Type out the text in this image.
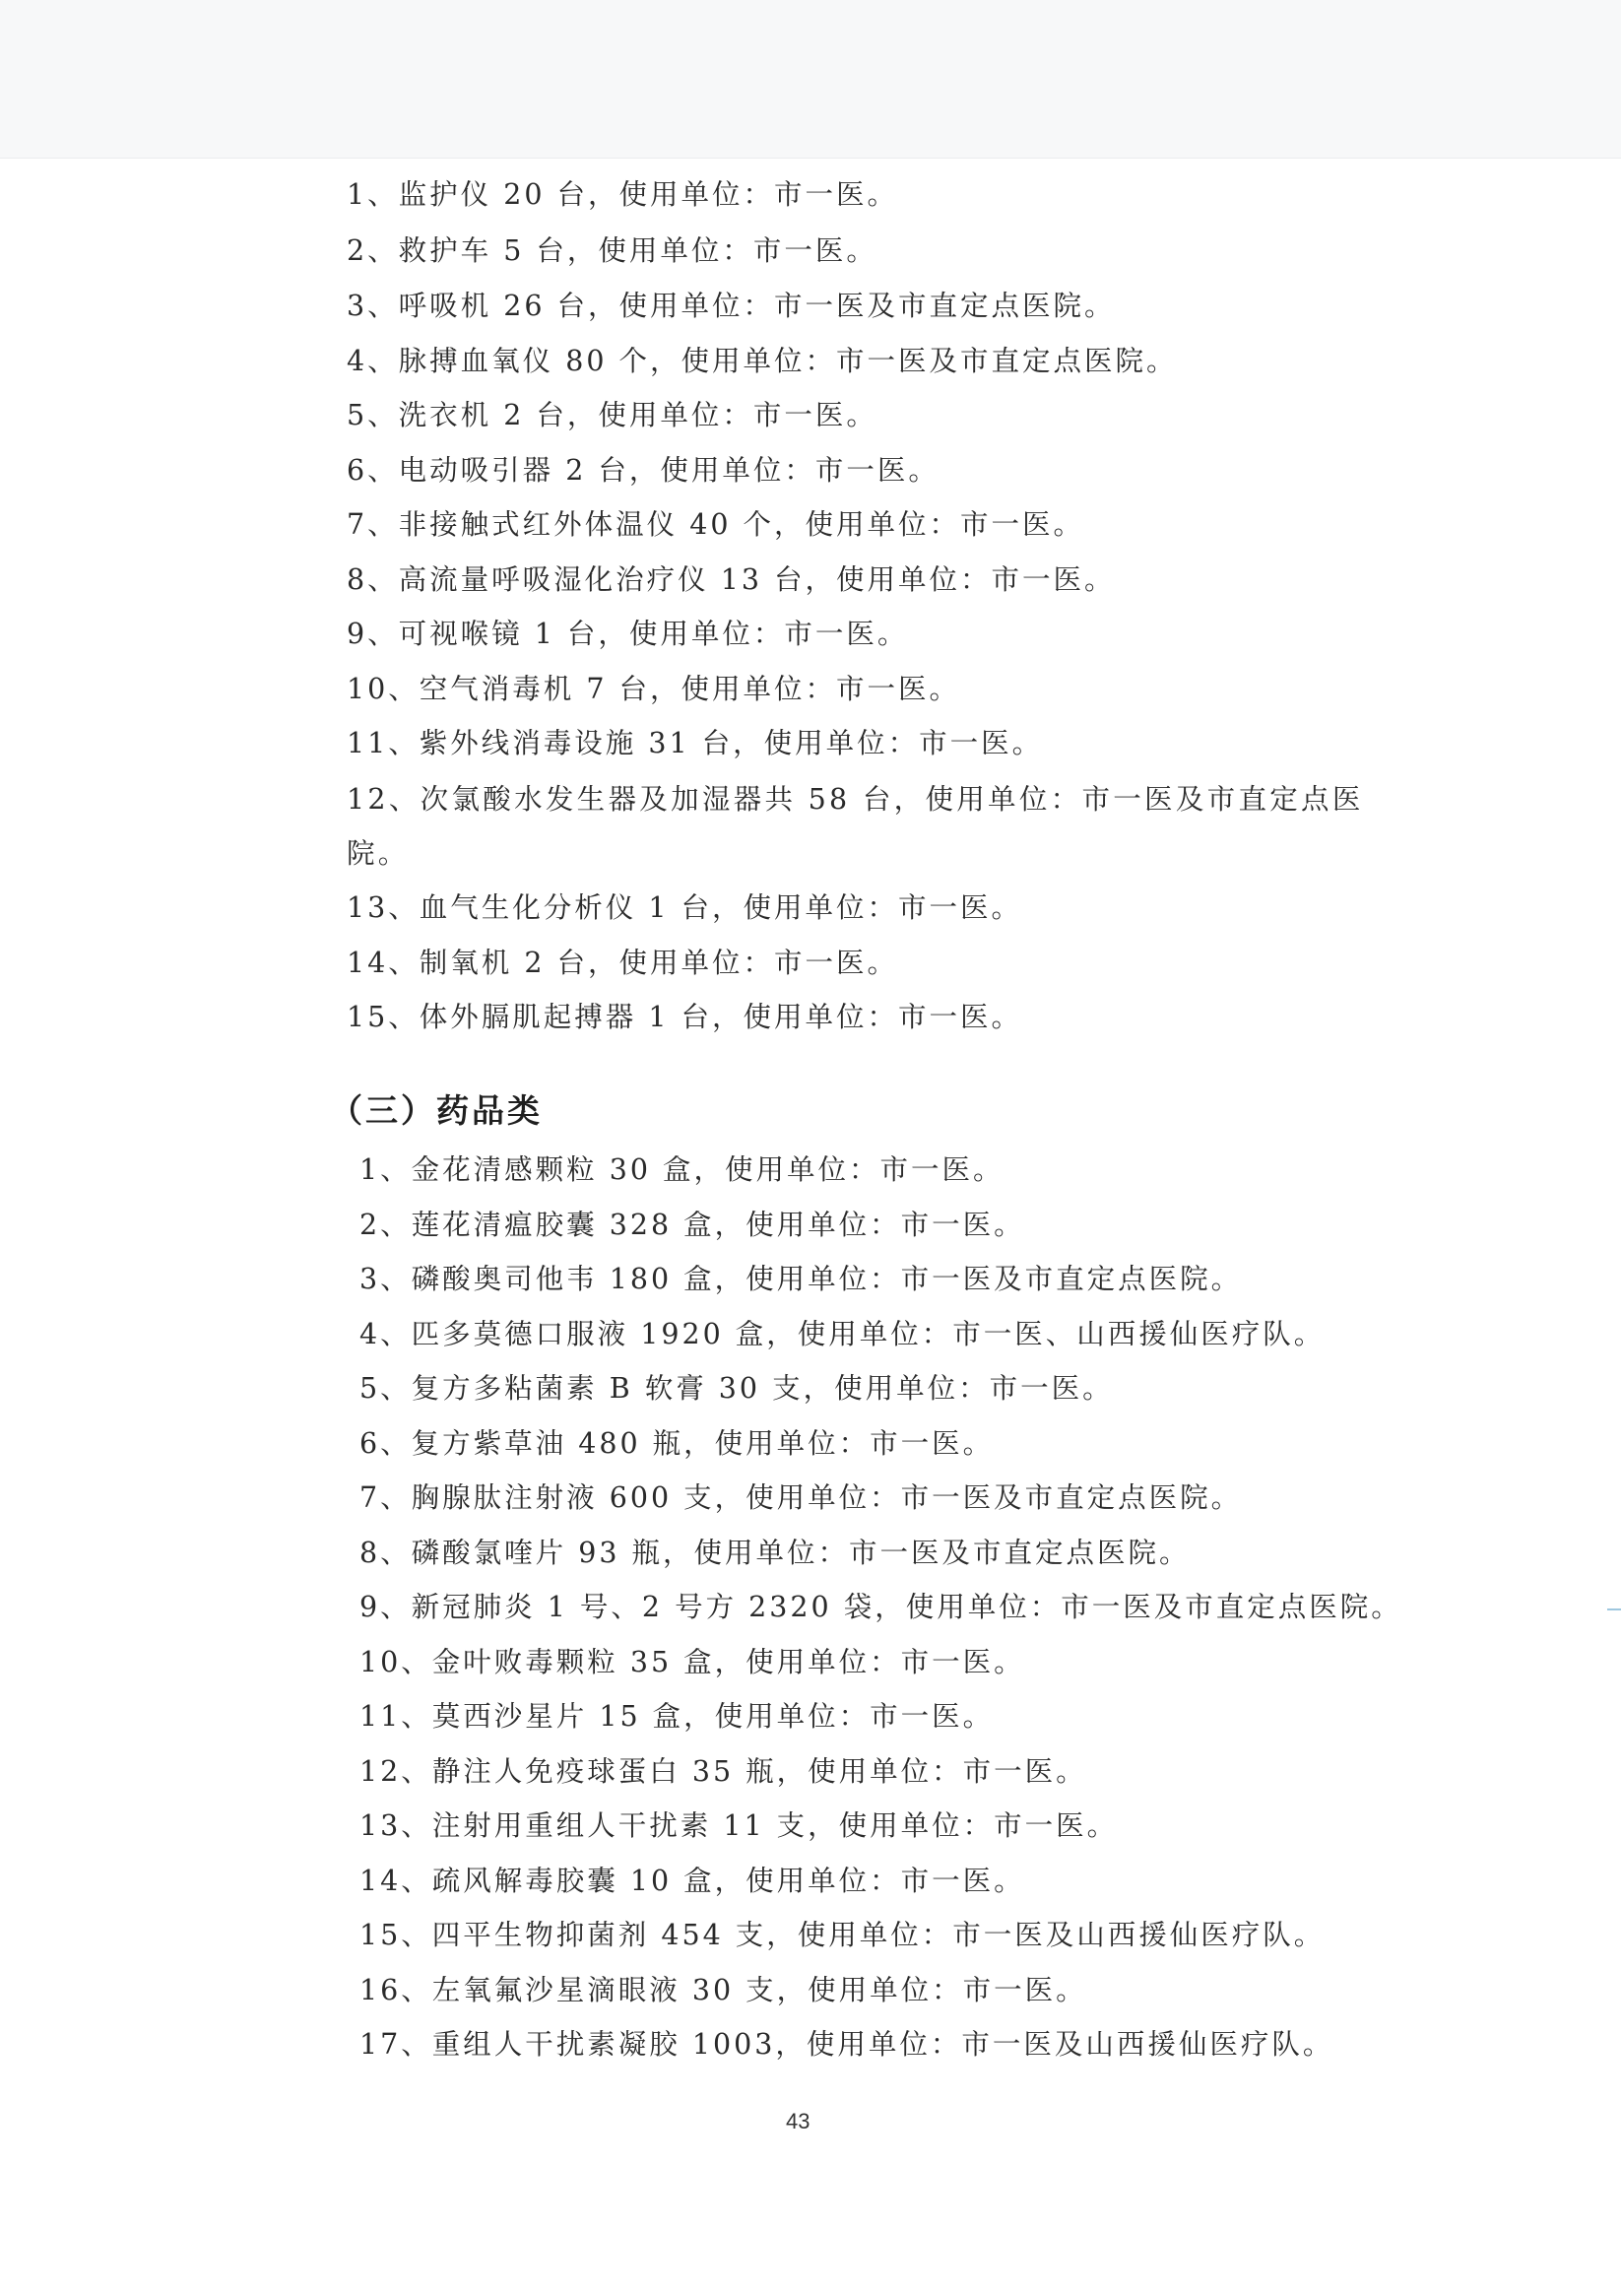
1、监护仪 20 台，使用单位：市一医。
2、救护车 5 台，使用单位：市一医。
3、呼吸机 26 台，使用单位：市一医及市直定点医院。
4、脉搏血氧仪 80 个，使用单位：市一医及市直定点医院。
5、洗衣机 2 台，使用单位：市一医。
6、电动吸引器 2 台，使用单位：市一医。
7、非接触式红外体温仪 40 个，使用单位：市一医。
8、高流量呼吸湿化治疗仪 13 台，使用单位：市一医。
9、可视喉镜 1 台，使用单位：市一医。
10、空气消毒机 7 台，使用单位：市一医。
11、紫外线消毒设施 31 台，使用单位：市一医。
12、次氯酸水发生器及加湿器共 58 台，使用单位：市一医及市直定点医院。
13、血气生化分析仪 1 台，使用单位：市一医。
14、制氧机 2 台，使用单位：市一医。
15、体外膈肌起搏器 1 台，使用单位：市一医。
（三）药品类
1、金花清感颗粒 30 盒，使用单位：市一医。
2、莲花清瘟胶囊 328 盒，使用单位：市一医。
3、磷酸奥司他韦 180 盒，使用单位：市一医及市直定点医院。
4、匹多莫德口服液 1920 盒，使用单位：市一医、山西援仙医疗队。
5、复方多粘菌素 B 软膏 30 支，使用单位：市一医。
6、复方紫草油 480 瓶，使用单位：市一医。
7、胸腺肽注射液 600 支，使用单位：市一医及市直定点医院。
8、磷酸氯喹片 93 瓶，使用单位：市一医及市直定点医院。
9、新冠肺炎 1 号、2 号方 2320 袋，使用单位：市一医及市直定点医院。
10、金叶败毒颗粒 35 盒，使用单位：市一医。
11、莫西沙星片 15 盒，使用单位：市一医。
12、静注人免疫球蛋白 35 瓶，使用单位：市一医。
13、注射用重组人干扰素 11 支，使用单位：市一医。
14、疏风解毒胶囊 10 盒，使用单位：市一医。
15、四平生物抑菌剂 454 支，使用单位：市一医及山西援仙医疗队。
16、左氧氟沙星滴眼液 30 支，使用单位：市一医。
17、重组人干扰素凝胶 1003，使用单位：市一医及山西援仙医疗队。
43
